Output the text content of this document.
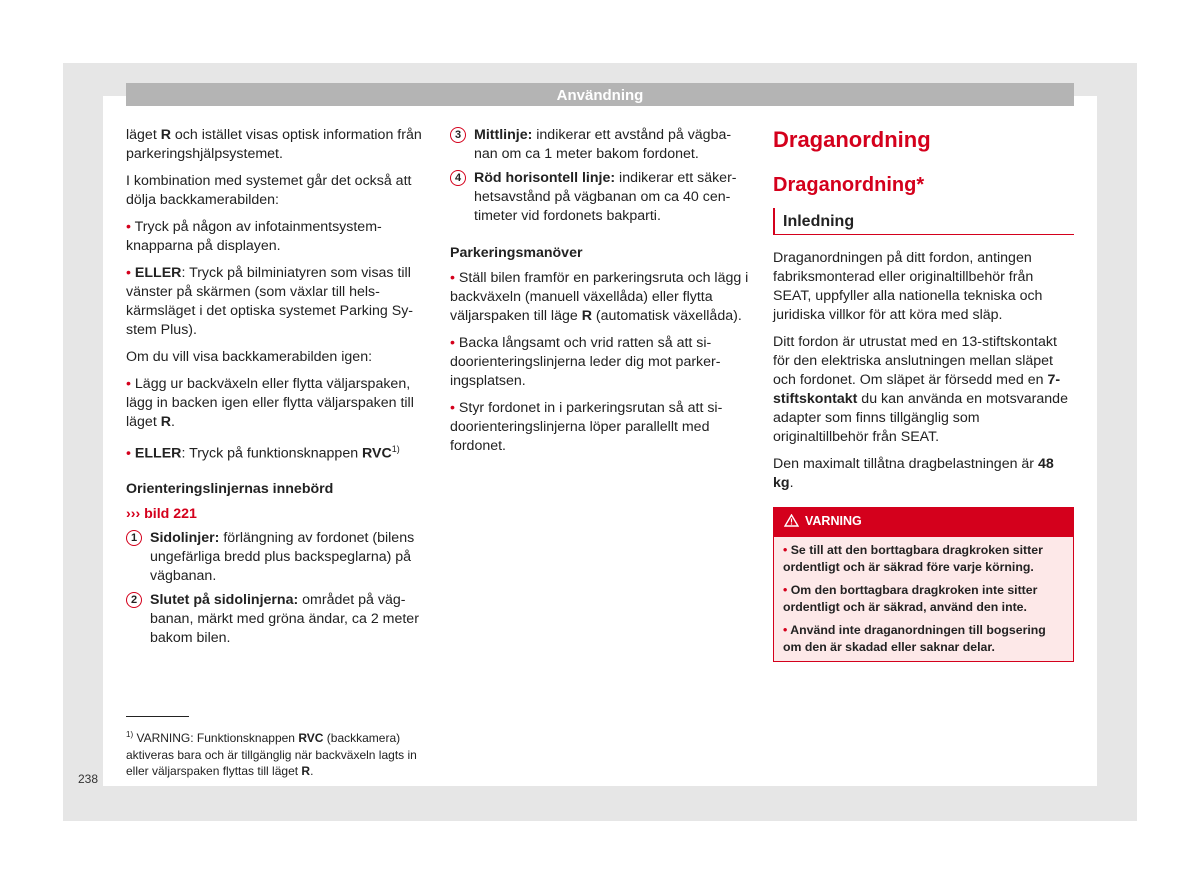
Användning

läget R och istället visas optisk information från parkeringshjälpsystemet.

I kombination med systemet går det också att dölja backkamerabilden:

• Tryck på någon av infotainmentsystemknapparna på displayen.

• ELLER: Tryck på bilminiatyren som visas till vänster på skärmen (som växlar till helskärmsläget i det optiska systemet Parking System Plus).

Om du vill visa backkamerabilden igen:

• Lägg ur backväxeln eller flytta väljarspaken, lägg in backen igen eller flytta väljarspaken till läget R.

• ELLER: Tryck på funktionsknappen RVC$^{1)}$

Orienteringslinjernas innebörd

››› bild 221

1 Sidolinjer: förlängning av fordonet (bilens ungefärliga bredd plus backspeglarna) på vägbanan.
2 Slutet på sidolinjerna: området på vägbanan, märkt med gröna ändar, ca 2 meter bakom bilen.
$^{1)}$ VARNING: Funktionsknappen RVC (backkamera) aktiveras bara och är tillgänglig när backväxeln lagts in eller väljarspaken flyttas till läget R.
238
3 Mittlinje: indikerar ett avstånd på vägbanan om ca 1 meter bakom fordonet.
4 Röd horisontell linje: indikerar ett säkerhetsavstånd på vägbanan om ca 40 centimeter vid fordonets bakparti.

Parkeringsmanöver

• Ställ bilen framför en parkeringsruta och lägg i backväxeln (manuell växellåda) eller flytta väljarspaken till läge R (automatisk växellåda).

• Backa långsamt och vrid ratten så att sidoorienteringslinjerna leder dig mot parkeringsplatsen.

• Styr fordonet in i parkeringsrutan så att sidoorienteringslinjerna löper parallellt med fordonet.

Draganordning

Draganordning*

Inledning

Draganordningen på ditt fordon, antingen fabriksmonterad eller originaltillbehör från SEAT, uppfyller alla nationella tekniska och juridiska villkor för att köra med släp.

Ditt fordon är utrustat med en 13-stiftskontakt för den elektriska anslutningen mellan släpet och fordonet. Om släpet är försedd med en 7-stiftskontakt du kan använda en motsvarande adapter som finns tillgänglig som originaltillbehör från SEAT.

Den maximalt tillåtna dragbelastningen är 48 kg.

VARNING

• Se till att den borttagbara dragkroken sitter ordentligt och är säkrad före varje körning.

• Om den borttagbara dragkroken inte sitter ordentligt och är säkrad, använd den inte.

• Använd inte draganordningen till bogsering om den är skadad eller saknar delar.
